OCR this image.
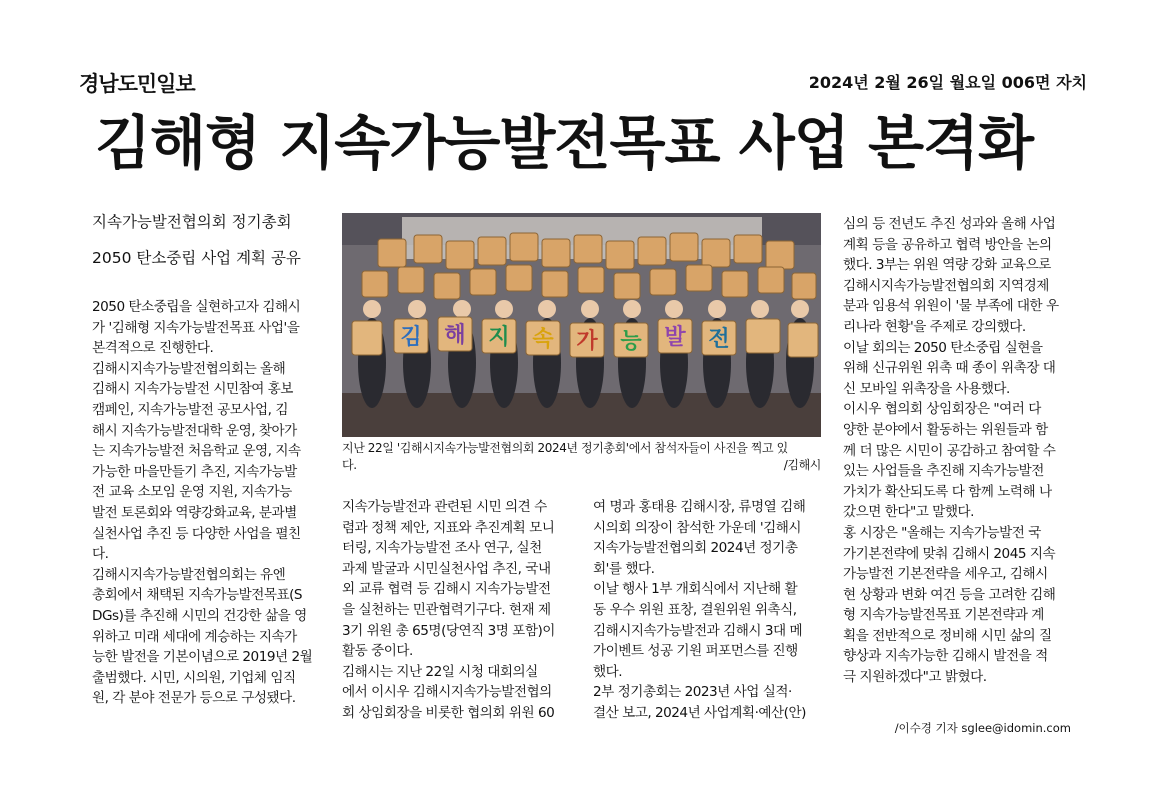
경남도민일보	2024년 2월 26일 월요일 006면 자치
김해형 지속가능발전목표 사업 본격화
지속가능발전협의회 정기총회
2050 탄소중립 사업 계획 공유

2050 탄소중립을 실현하고자 김해시

가 '김해형 지속가능발전목표 사업'을

본격적으로 진행한다.

김해시지속가능발전협의회는 올해

김해시 지속가능발전 시민참여 홍보

캠페인, 지속가능발전 공모사업, 김

해시 지속가능발전대학 운영, 찾아가

는 지속가능발전 처음학교 운영, 지속

가능한 마을만들기 추진, 지속가능발

전 교육 소모임 운영 지원, 지속가능

발전 토론회와 역량강화교육, 분과별

실천사업 추진 등 다양한 사업을 펼친

다.

김해시지속가능발전협의회는 유엔

총회에서 채택된 지속가능발전목표(S

DGs)를 추진해 시민의 건강한 삶을 영

위하고 미래 세대에 계승하는 지속가

능한 발전을 기본이념으로 2019년 2월

출범했다. 시민, 시의원, 기업체 임직

원, 각 분야 전문가 등으로 구성됐다.

김 해 지 속 가 능 발 전

지난 22일 '김해시지속가능발전협의회 2024년 정기총회'에서 참석자들이 사진을 찍고 있

다.	/김해시

지속가능발전과 관련된 시민 의견 수

렴과 정책 제안, 지표와 추진계획 모니

터링, 지속가능발전 조사 연구, 실천

과제 발굴과 시민실천사업 추진, 국내

외 교류 협력 등 김해시 지속가능발전

을 실천하는 민관협력기구다. 현재 제

3기 위원 총 65명(당연직 3명 포함)이

활동 중이다.

김해시는 지난 22일 시청 대회의실

에서 이시우 김해시지속가능발전협의

회 상임회장을 비롯한 협의회 위원 60

여 명과 홍태용 김해시장, 류명열 김해

시의회 의장이 참석한 가운데 '김해시

지속가능발전협의회 2024년 정기총

회'를 했다.

이날 행사 1부 개회식에서 지난해 활

동 우수 위원 표창, 결원위원 위촉식,

김해시지속가능발전과 김해시 3대 메

가이벤트 성공 기원 퍼포먼스를 진행

했다.

2부 정기총회는 2023년 사업 실적·

결산 보고, 2024년 사업계획·예산(안)

심의 등 전년도 추진 성과와 올해 사업

계획 등을 공유하고 협력 방안을 논의

했다. 3부는 위원 역량 강화 교육으로

김해시지속가능발전협의회 지역경제

분과 임용석 위원이 '물 부족에 대한 우

리나라 현황'을 주제로 강의했다.

이날 회의는 2050 탄소중립 실현을

위해 신규위원 위촉 때 종이 위촉장 대

신 모바일 위촉장을 사용했다.

이시우 협의회 상임회장은 "여러 다

양한 분야에서 활동하는 위원들과 함

께 더 많은 시민이 공감하고 참여할 수

있는 사업들을 추진해 지속가능발전

가치가 확산되도록 다 함께 노력해 나

갔으면 한다"고 말했다.

홍 시장은 "올해는 지속가능발전 국

가기본전략에 맞춰 김해시 2045 지속

가능발전 기본전략을 세우고, 김해시

현 상황과 변화 여건 등을 고려한 김해

형 지속가능발전목표 기본전략과 계

획을 전반적으로 정비해 시민 삶의 질

향상과 지속가능한 김해시 발전을 적

극 지원하겠다"고 밝혔다.

/이수경 기자 sglee@idomin.com
